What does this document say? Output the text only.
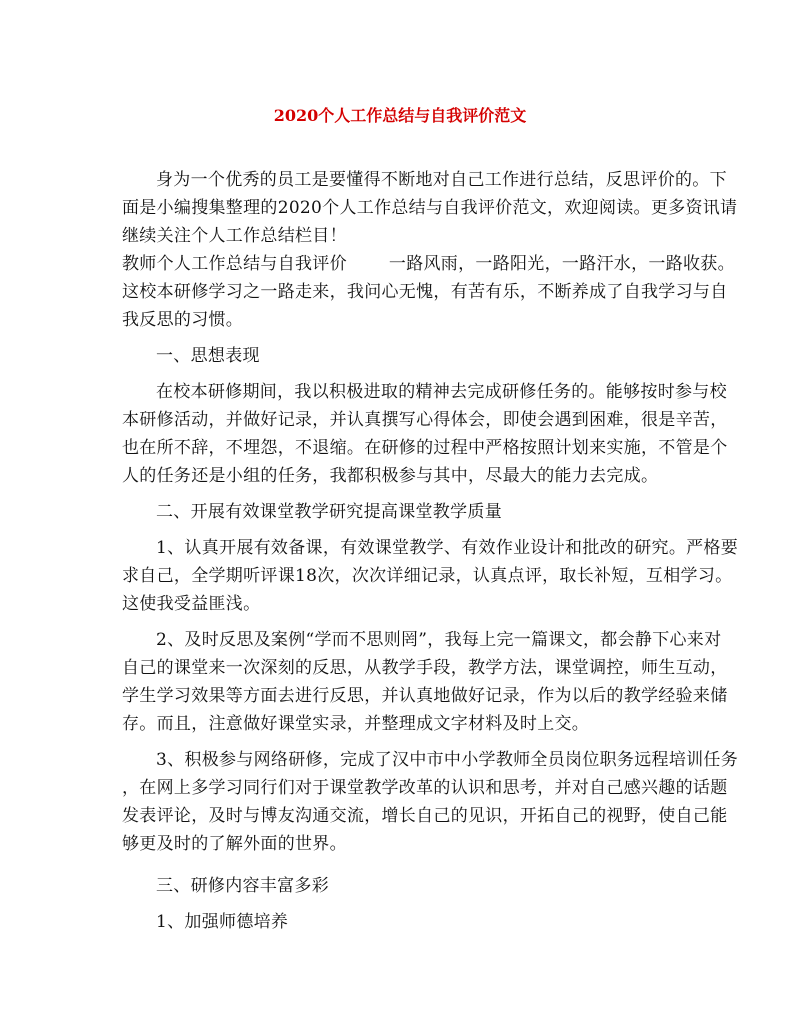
2020个人工作总结与自我评价范文
身为一个优秀的员工是要懂得不断地对自己工作进行总结，反思评价的。下
面是小编搜集整理的2020个人工作总结与自我评价范文，欢迎阅读。更多资讯请
继续关注个人工作总结栏目！
教师个人工作总结与自我评价 一路风雨，一路阳光，一路汗水，一路收获。
这校本研修学习之一路走来，我问心无愧，有苦有乐，不断养成了自我学习与自
我反思的习惯。
一、思想表现
在校本研修期间，我以积极进取的精神去完成研修任务的。能够按时参与校
本研修活动，并做好记录，并认真撰写心得体会，即使会遇到困难，很是辛苦，
也在所不辞，不埋怨，不退缩。在研修的过程中严格按照计划来实施，不管是个
人的任务还是小组的任务，我都积极参与其中，尽最大的能力去完成。
二、开展有效课堂教学研究提高课堂教学质量
1、认真开展有效备课，有效课堂教学、有效作业设计和批改的研究。严格要
求自己，全学期听评课18次，次次详细记录，认真点评，取长补短，互相学习。
这使我受益匪浅。
2、及时反思及案例“学而不思则罔”，我每上完一篇课文，都会静下心来对
自己的课堂来一次深刻的反思，从教学手段，教学方法，课堂调控，师生互动，
学生学习效果等方面去进行反思，并认真地做好记录，作为以后的教学经验来储
存。而且，注意做好课堂实录，并整理成文字材料及时上交。
3、积极参与网络研修，完成了汉中市中小学教师全员岗位职务远程培训任务
，在网上多学习同行们对于课堂教学改革的认识和思考，并对自己感兴趣的话题
发表评论，及时与博友沟通交流，增长自己的见识，开拓自己的视野，使自己能
够更及时的了解外面的世界。
三、研修内容丰富多彩
1、加强师德培养
